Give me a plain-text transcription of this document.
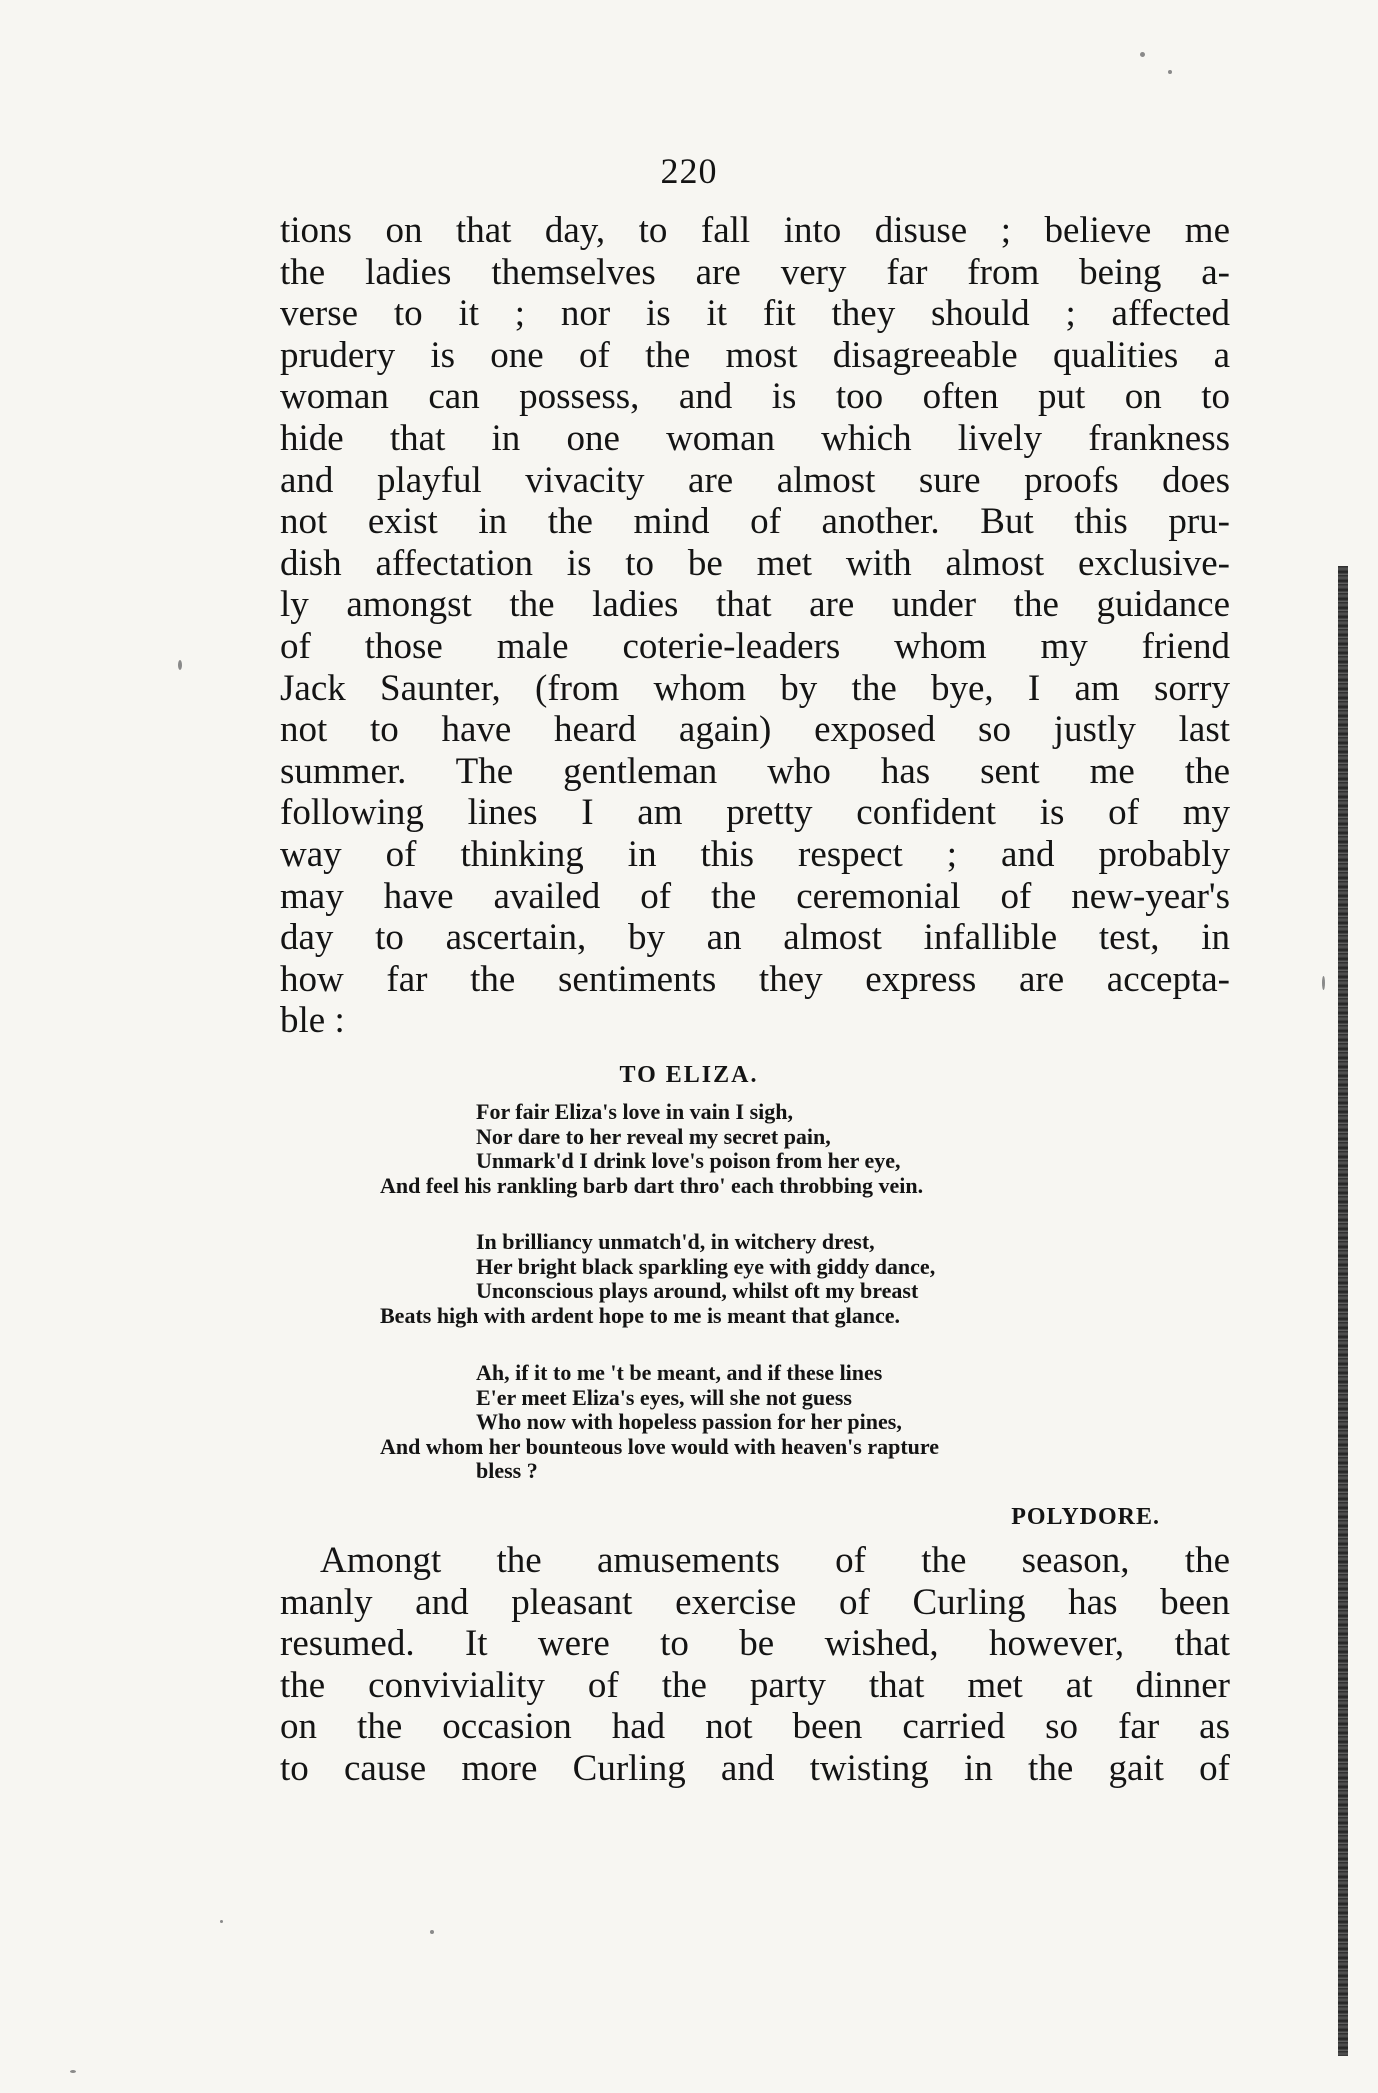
220
tions on that day, to fall into disuse ; believe me
the ladies themselves are very far from being a-
verse to it ; nor is it fit they should ; affected
prudery is one of the most disagreeable qualities a
woman can possess, and is too often put on to
hide that in one woman which lively frankness
and playful vivacity are almost sure proofs does
not exist in the mind of another. But this pru-
dish affectation is to be met with almost exclusive-
ly amongst the ladies that are under the guidance
of those male coterie-leaders whom my friend
Jack Saunter, (from whom by the bye, I am sorry
not to have heard again) exposed so justly last
summer. The gentleman who has sent me the
following lines I am pretty confident is of my
way of thinking in this respect ; and probably
may have availed of the ceremonial of new-year's
day to ascertain, by an almost infallible test, in
how far the sentiments they express are accepta-
ble :
TO ELIZA.
For fair Eliza's love in vain I sigh,
Nor dare to her reveal my secret pain,
Unmark'd I drink love's poison from her eye,
And feel his rankling barb dart thro' each throbbing vein.
In brilliancy unmatch'd, in witchery drest,
Her bright black sparkling eye with giddy dance,
Unconscious plays around, whilst oft my breast
Beats high with ardent hope to me is meant that glance.
Ah, if it to me 't be meant, and if these lines
E'er meet Eliza's eyes, will she not guess
Who now with hopeless passion for her pines,
And whom her bounteous love would with heaven's rapture
bless ?
POLYDORE.
Amongt the amusements of the season, the
manly and pleasant exercise of Curling has been
resumed. It were to be wished, however, that
the conviviality of the party that met at dinner
on the occasion had not been carried so far as
to cause more Curling and twisting in the gait of
